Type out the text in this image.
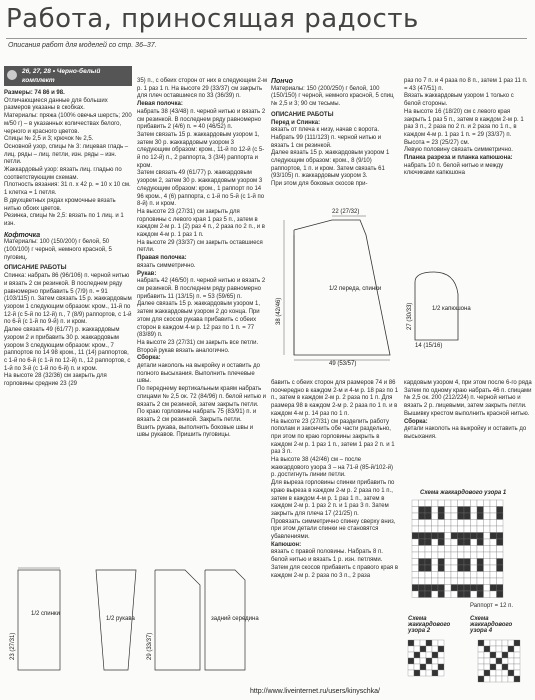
Работа, приносящая радость
Описания работ для моделей со стр. 36–37.
26, 27, 28 • Черно-белый
комплект

Размеры: 74 86 и 98.

Отличающиеся данные для больших размеров указаны в скобках.

Материалы: пряжа (100% овечья шерсть; 200 м/50 г) – в указанных количествах белого, черного и красного цветов.

Спицы № 2,5 и 3; крючок № 2,5.

Основной узор, спицы № 3: лицевая гладь – лиц. ряды – лиц. петли, изн. ряды – изн. петли.

Жаккардовый узор: вязать лиц. гладью по соответствующим схемам.

Плотность вязания: 31 п. x 42 р. = 10 x 10 см.

1 клетка = 1 петля.

В двухцветных рядах кромочные вязать нитью обоих цветов.

Резинка, спицы № 2,5: вязать по 1 лиц. и 1 изн.

Кофточка

Материалы: 100 (150/200) г белой, 50 (100/100) г черной, немного красной, 5 пуговиц.

ОПИСАНИЕ РАБОТЫ

Спинка: набрать 86 (96/106) п. черной нитью и вязать 2 см резинкой. В последнем ряду равномерно прибавить 5 (7/9) п. = 91 (103/115) п. Затем связать 15 р. жаккардовым узором 1 следующим образом: кром., 11-й по 12-й (с 5-й по 12-й) п., 7 (8/9) раппортов, с 1-й по 6-й (с 1-й по 9-й) п. и кром.

Далее связать 49 (61/77) р. жаккардовым узором 2 и прибавить 30 р. жаккардовым узором 3 следующим образом: кром., 7 раппортов по 14 98 кром., 11 (14) раппортов, с 1-й по 6-й (с 1-й по 12-й) п., 12 раппортов, с 1-й по 3-й (с 1-й по 6-й) п. и кром.

На высоте 28 (32/36) см закрыть для горловины средние 23 (29

35) п., с обеих сторон от них в следующем 2-м р. 1 раз 1 п. На высоте 29 (33/37) см закрыть для плеч оставшиеся по 33 (36/39) п.

Левая полочка:

набрать 38 (43/48) п. черной нитью и вязать 2 см резинкой. В последнем ряду равномерно прибавить 2 (4/6) п. = 40 (46/52) п.

Затем связать 15 р. жаккардовым узором 1, затем 30 р. жаккардовым узором 3 следующим образом: кром., 11-й по 12-й (с 5-й по 12-й) п., 2 раппорта, 3 (3/4) раппорта и кром.

Затем связать 49 (61/77) р. жаккардовым узором 2, затем 30 р. жаккардовым узором 3 следующим образом: кром., 1 раппорт по 14 96 кром., 4 (6) раппорта, с 1-й по 5-й (с 1-й по 8-й) п. и кром.

На высоте 23 (27/31) см закрыть для горловины с левого края 1 раз 5 п., затем в каждом 2-м р. 1 (2) раз 4 п., 2 раза по 2 п., и в каждом 4-м р. 1 раз 1 п.

На высоте 29 (33/37) см закрыть оставшиеся петли.

Правая полочка:

вязать симметрично.

Рукав:

набрать 42 (46/50) п. черной нитью и вязать 2 см резинкой. В последнем ряду равномерно прибавить 11 (13/15) п. = 53 (59/65) п.

Далее связать 15 р. жаккардовым узором 1, затем жаккардовым узором 2 до конца. При этом для скосов рукава прибавить с обеих сторон в каждом 4-м р. 12 раз по 1 п. = 77 (83/89) п.

На высоте 23 (27/31) см закрыть все петли.

Второй рукав вязать аналогично.

Сборка:

детали накололь на выкройку и оставить до полного высыхания. Выполнить плечевые швы.

По переднему вертикальным краям набрать спицами № 2,5 ок. 72 (84/96) п. белой нитью и вязать 2 см резинкой, затем закрыть петли.

По краю горловины набрать 75 (83/91) п. и вязать 2 см резинкой. Закрыть петли.

Вшить рукава, выполнить боковые швы и швы рукавов. Пришить пуговицы.

Пончо

Материалы: 150 (200/250) г белой, 100 (150/150) г черной, немного красной, 5 спиц № 2,5 и 3; 90 см тесьмы.

ОПИСАНИЕ РАБОТЫ

Перед и Спинка:

вязать от плеча к низу, начав с ворота.

Набрать 99 (111/123) п. черной нитью и вязать 1 см резинкой.

Далее вязать 15 р. жаккардовым узором 1 следующим образом: кром., 8 (9/10) раппортов, 1 п. и кром. Затем связать 61 (93/105) п. жаккардовым узором 3.

При этом для боковых скосов при-

1/2 переда, спинки
22 (27/32)
49 (53/57)
38 (42/46)	1/2 капюшона
27 (30/33)
14 (15/16)

бавить с обеих сторон для размеров 74 и 86 поочередно в каждом 2-м и 4-м р. 18 раз по 1 п., затем в каждом 2-м р. 2 раза по 1 п. Для размера 98 в каждом 2-м р. 2 раза по 1 п. и в каждом 4-м р. 14 раз по 1 п.

На высоте 23 (27/31) см разделить работу пополам и закончить обе части раздельно, при этом по краю горловины закрыть в каждом 2-м р. 1 раз 1 п., затем 1 раз 2 п. и 1 раз 3 п.

На высоте 38 (42/46) см – после жаккардового узора 3 – на 71-й (85-й/102-й) р. достигнуть линии петли.

Для выреза горловины спинки прибавить по краю выреза в каждом 2-м р. 2 раза по 1 п., затем в каждом 4-м р. 1 раз 1 п., затем в каждом 2-м р. 1 раз 2 п. и 1 раз 3 п. Затем закрыть для плеча 17 (21/25) п.

Провязать симметрично спинку сверху вниз, при этом детали спинки не становятся убавлениями.

Капюшон:

вязать с правой половины. Набрать 8 п. белой нитью и вязать 1 р. изн. петлями. Затем для скосов прибавить с правого края в каждом 2-м р. 2 раза по 3 п., 2 раза

раз по 7 п. и 4 раза по 8 п., затем 1 раз 11 п. = 43 (47/51) п.

Вязать жаккардовым узором 1 только с белой стороны.

На высоте 16 (18/20) см с левого края закрыть 1 раз 5 п., затем в каждом 2-м р. 1 раз 3 п., 2 раза по 2 п. и 2 раза по 1 п., в каждом 4-м р. 1 раз 1 п. = 29 (33/37) п. Высота = 23 (25/27) см.

Левую половину связать симметрично.

Планка разреза и планка капюшона:

набрать 10 п. белой нитью и между ключиками капюшона

кардовым узором 4, при этом после 6-го ряда

Затем по одному краю набрать 46 п. спицами № 2,5 ок. 200 (212/224) п. черной нитью и вязать 2 р. лицевыми, затем закрыть петли. Вышивку крестом выполнить красной нитью.

Сборка:

детали наколоть на выкройку и оставить до высыхания.

Схема жаккардового узора 1
Раппорт = 12 п.
Схема жаккардового узора 2
Схема жаккардового узора 4
1/2 спинки
23 (27/31)
1/2 рукава
29 (33/37)
задний середина
http://www.liveinternet.ru/users/kinyschka/
